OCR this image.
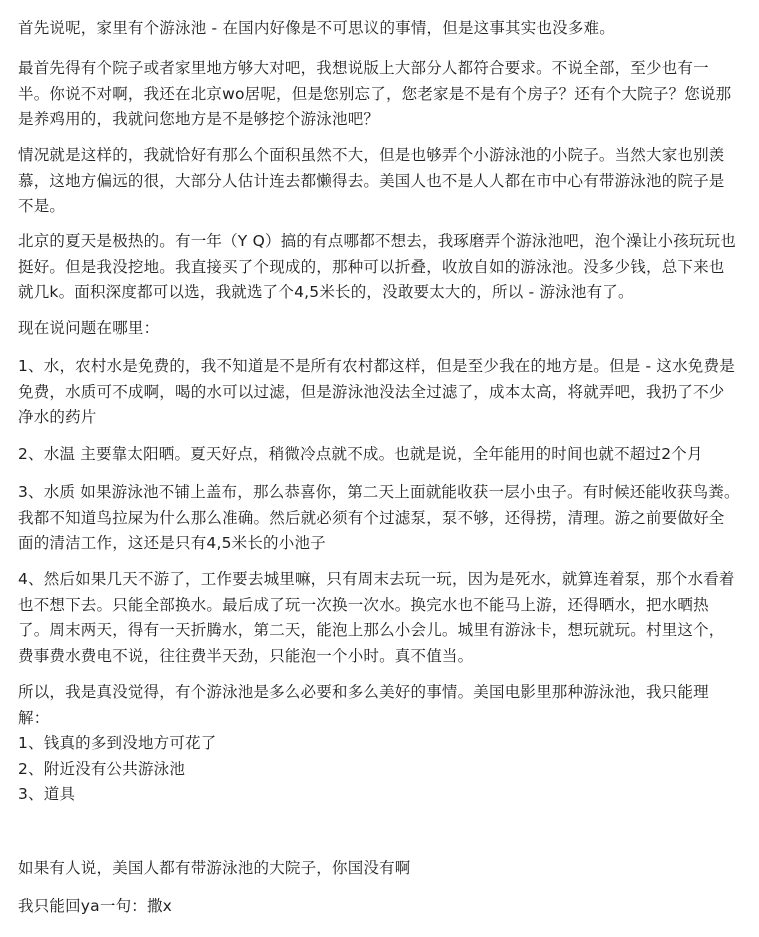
首先说呢，家里有个游泳池 - 在国内好像是不可思议的事情，但是这事其实也没多难。
最首先得有个院子或者家里地方够大对吧，我想说版上大部分人都符合要求。不说全部，至少也有一
半。你说不对啊，我还在北京wo居呢，但是您别忘了，您老家是不是有个房子？还有个大院子？您说那
是养鸡用的，我就问您地方是不是够挖个游泳池吧？
情况就是这样的，我就恰好有那么个面积虽然不大，但是也够弄个小游泳池的小院子。当然大家也别羡
慕，这地方偏远的很，大部分人估计连去都懒得去。美国人也不是人人都在市中心有带游泳池的院子是
不是。
北京的夏天是极热的。有一年（Y Q）搞的有点哪都不想去，我琢磨弄个游泳池吧，泡个澡让小孩玩玩也
挺好。但是我没挖地。我直接买了个现成的，那种可以折叠，收放自如的游泳池。没多少钱，总下来也
就几k。面积深度都可以选，我就选了个4,5米长的，没敢要太大的，所以 - 游泳池有了。
现在说问题在哪里：
1、水，农村水是免费的，我不知道是不是所有农村都这样，但是至少我在的地方是。但是 - 这水免费是
免费，水质可不成啊，喝的水可以过滤，但是游泳池没法全过滤了，成本太高，将就弄吧，我扔了不少
净水的药片
2、水温 主要靠太阳晒。夏天好点，稍微冷点就不成。也就是说，全年能用的时间也就不超过2个月
3、水质 如果游泳池不铺上盖布，那么恭喜你，第二天上面就能收获一层小虫子。有时候还能收获鸟粪。
我都不知道鸟拉屎为什么那么准确。然后就必须有个过滤泵，泵不够，还得捞，清理。游之前要做好全
面的清洁工作，这还是只有4,5米长的小池子
4、然后如果几天不游了，工作要去城里嘛，只有周末去玩一玩，因为是死水，就算连着泵，那个水看着
也不想下去。只能全部换水。最后成了玩一次换一次水。换完水也不能马上游，还得晒水，把水晒热
了。周末两天，得有一天折腾水，第二天，能泡上那么小会儿。城里有游泳卡，想玩就玩。村里这个，
费事费水费电不说，往往费半天劲，只能泡一个小时。真不值当。
所以，我是真没觉得，有个游泳池是多么必要和多么美好的事情。美国电影里那种游泳池，我只能理
解：
1、钱真的多到没地方可花了
2、附近没有公共游泳池
3、道具
如果有人说，美国人都有带游泳池的大院子，你国没有啊
我只能回ya一句：撒x
